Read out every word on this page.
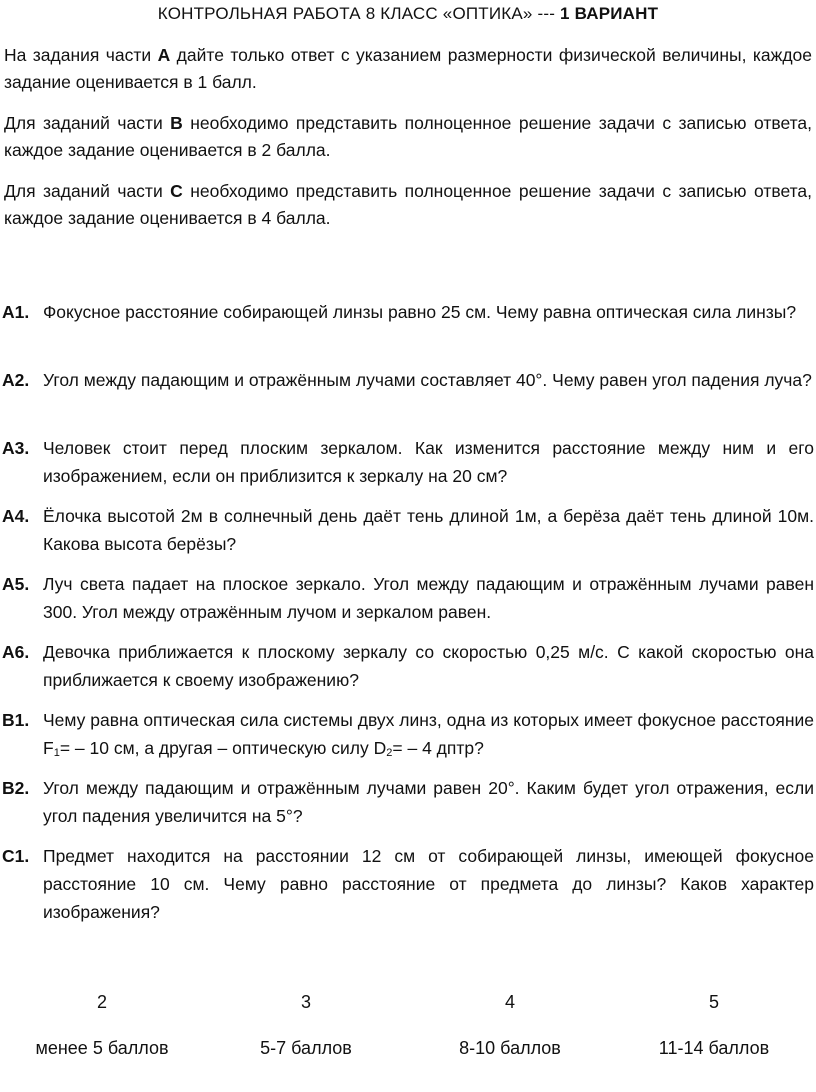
КОНТРОЛЬНАЯ РАБОТА 8 КЛАСС «ОПТИКА» --- 1 ВАРИАНТ
На задания части А дайте только ответ с указанием размерности физической величины, каждое задание оценивается в 1 балл.
Для заданий части В необходимо представить полноценное решение задачи с записью ответа, каждое задание оценивается в 2 балла.
Для заданий части С необходимо представить полноценное решение задачи с записью ответа, каждое задание оценивается в 4 балла.
А1. Фокусное расстояние собирающей линзы равно 25 см. Чему равна оптическая сила линзы?
А2. Угол между падающим и отражённым лучами составляет 40°. Чему равен угол падения луча?
А3. Человек стоит перед плоским зеркалом. Как изменится расстояние между ним и его изображением, если он приблизится к зеркалу на 20 см?
А4. Ёлочка высотой 2м в солнечный день даёт тень длиной 1м, а берёза даёт тень длиной 10м. Какова высота берёзы?
А5. Луч света падает на плоское зеркало. Угол между падающим и отражённым лучами равен 300. Угол между отражённым лучом и зеркалом равен.
А6. Девочка приближается к плоскому зеркалу со скоростью 0,25 м/с. С какой скоростью она приближается к своему изображению?
В1. Чему равна оптическая сила системы двух линз, одна из которых имеет фокусное расстояние $F_1= - 10$ см, а другая – оптическую силу $D_2= - 4$ дптр?
В2. Угол между падающим и отражённым лучами равен 20°. Каким будет угол отражения, если угол падения увеличится на 5°?
С1. Предмет находится на расстоянии 12 см от собирающей линзы, имеющей фокусное расстояние 10 см. Чему равно расстояние от предмета до линзы? Каков характер изображения?
2	3	4	5
менее 5 баллов	5-7 баллов	8-10 баллов	11-14 баллов
